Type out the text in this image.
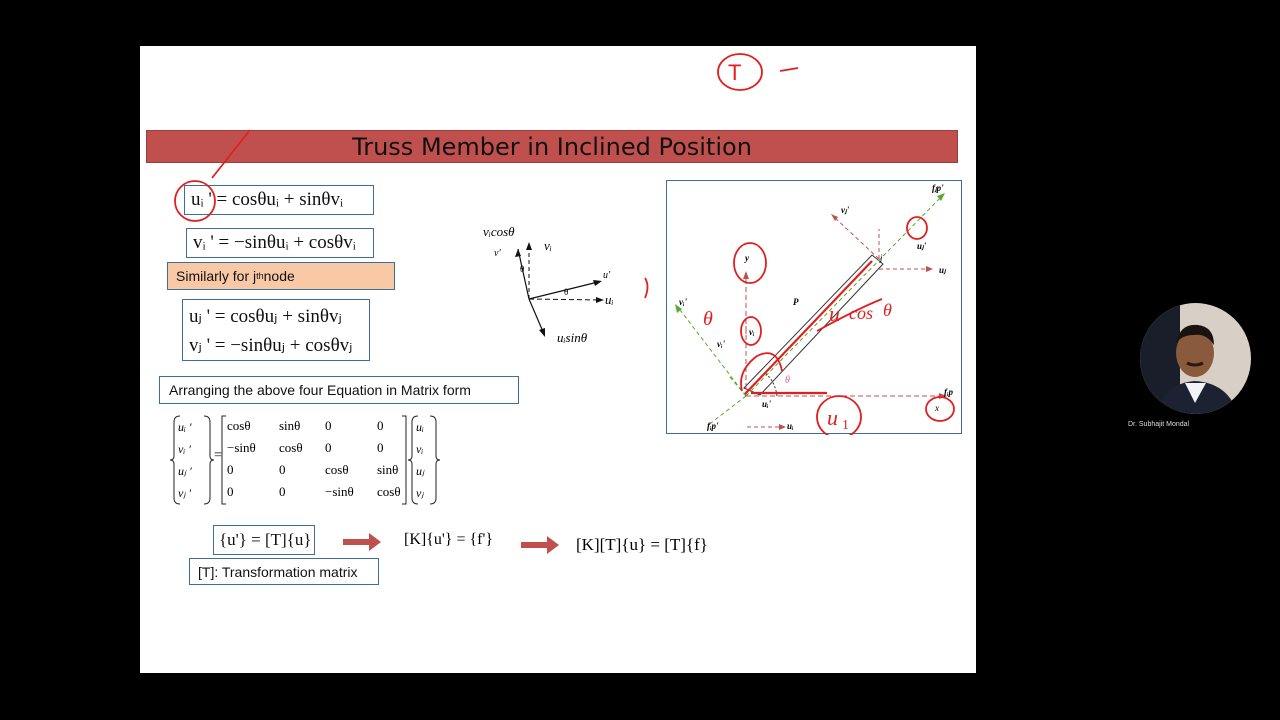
Truss Member in Inclined Position
uᵢ ' = cosθuᵢ + sinθvᵢ
vᵢ ' = −sinθuᵢ + cosθvᵢ
Similarly for j th node
uⱼ ' = cosθuⱼ + sinθvⱼ
vⱼ ' = −sinθuⱼ + cosθvⱼ
Arranging the above four Equation in Matrix form
uᵢ '
vᵢ '
uⱼ '
vⱼ '
=
cosθ	sinθ	0	0
−sinθ	cosθ	0	0
0	0	cosθ	sinθ
0	0	−sinθ	cosθ
uᵢ
vᵢ
uⱼ
vⱼ
{u'} = [T]{u}	[K]{u'} = {f'}	[K][T]{u} = [T]{f}
[T]: Transformation matrix
vᵢcosθ
vᵢ
v'
θ
u'
θ	uᵢ
uᵢsinθ
u cos θ
θ
u 1
fⱼp'
vⱼ'
uⱼ'
j
uⱼ
y
P
vᵢ'
vᵢ
vᵢ'
θ
uᵢ'
fᵢp
x
fᵢp'	uᵢ
T
Dr. Subhajit Mondal
